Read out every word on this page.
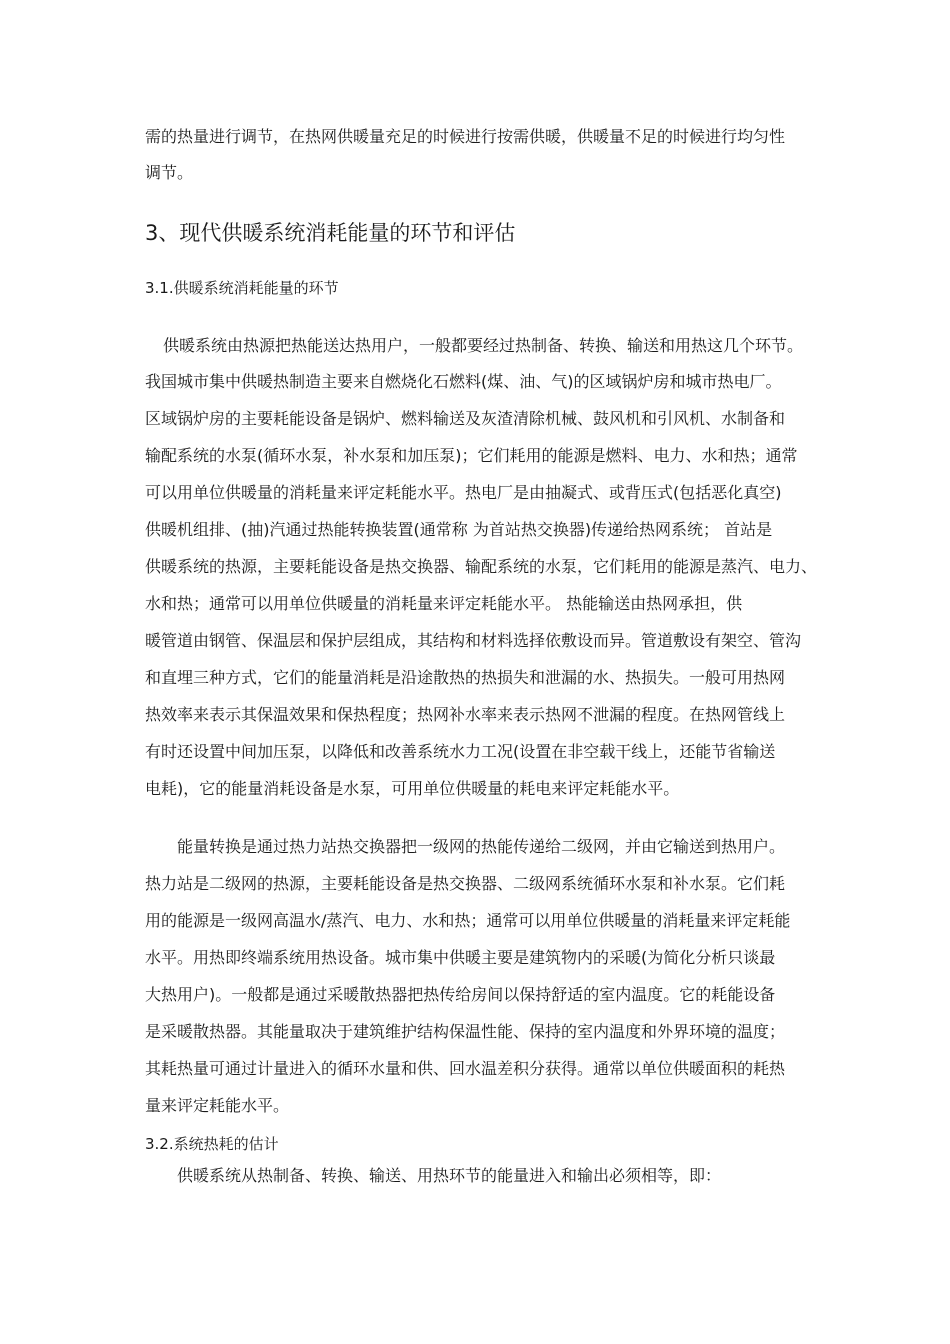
需的热量进行调节，在热网供暖量充足的时候进行按需供暖，供暖量不足的时候进行均匀性
调节。
3、现代供暖系统消耗能量的环节和评估
3.1.供暖系统消耗能量的环节
供暖系统由热源把热能送达热用户，一般都要经过热制备、转换、输送和用热这几个环节。
我国城市集中供暖热制造主要来自燃烧化石燃料(煤、油、气)的区域锅炉房和城市热电厂。
区域锅炉房的主要耗能设备是锅炉、燃料输送及灰渣清除机械、鼓风机和引风机、水制备和
输配系统的水泵(循环水泵，补水泵和加压泵)；它们耗用的能源是燃料、电力、水和热；通常
可以用单位供暖量的消耗量来评定耗能水平。热电厂是由抽凝式、或背压式(包括恶化真空)
供暖机组排、(抽)汽通过热能转换装置(通常称 为首站热交换器)传递给热网系统； 首站是
供暖系统的热源，主要耗能设备是热交换器、输配系统的水泵，它们耗用的能源是蒸汽、电力、
水和热；通常可以用单位供暖量的消耗量来评定耗能水平。 热能输送由热网承担，供
暖管道由钢管、保温层和保护层组成，其结构和材料选择依敷设而异。管道敷设有架空、管沟
和直埋三种方式，它们的能量消耗是沿途散热的热损失和泄漏的水、热损失。一般可用热网
热效率来表示其保温效果和保热程度；热网补水率来表示热网不泄漏的程度。在热网管线上
有时还设置中间加压泵，以降低和改善系统水力工况(设置在非空载干线上，还能节省输送
电耗)，它的能量消耗设备是水泵，可用单位供暖量的耗电来评定耗能水平。
能量转换是通过热力站热交换器把一级网的热能传递给二级网，并由它输送到热用户。
热力站是二级网的热源，主要耗能设备是热交换器、二级网系统循环水泵和补水泵。它们耗
用的能源是一级网高温水/蒸汽、电力、水和热；通常可以用单位供暖量的消耗量来评定耗能
水平。用热即终端系统用热设备。城市集中供暖主要是建筑物内的采暖(为简化分析只谈最
大热用户)。一般都是通过采暖散热器把热传给房间以保持舒适的室内温度。它的耗能设备
是采暖散热器。其能量取决于建筑维护结构保温性能、保持的室内温度和外界环境的温度；
其耗热量可通过计量进入的循环水量和供、回水温差积分获得。通常以单位供暖面积的耗热
量来评定耗能水平。
3.2.系统热耗的估计
供暖系统从热制备、转换、输送、用热环节的能量进入和输出必须相等，即：
